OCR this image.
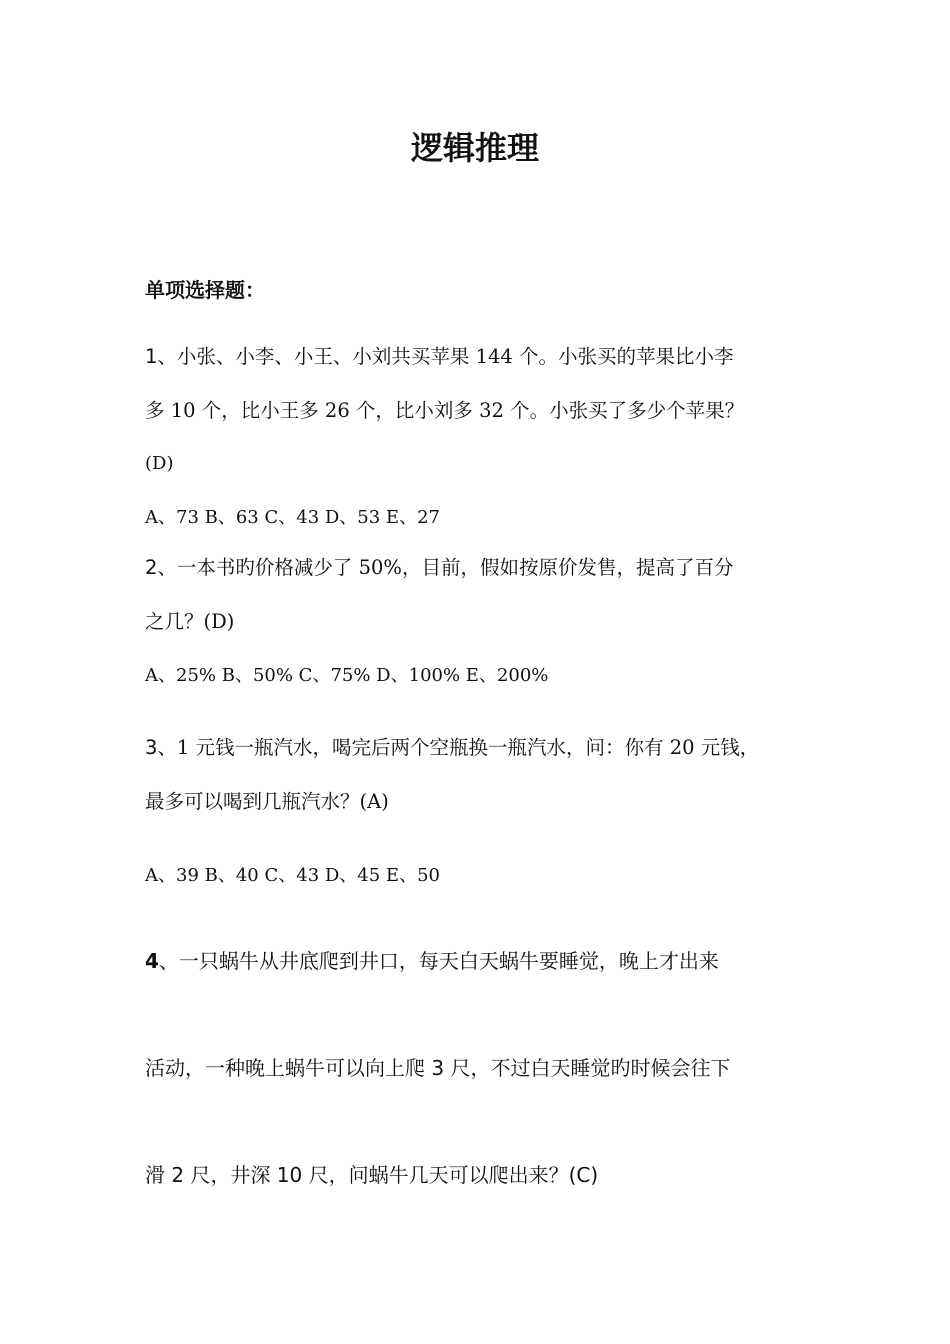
逻辑推理
单项选择题：
1、小张、小李、小王、小刘共买苹果 144 个。小张买的苹果比小李
多 10 个，比小王多 26 个，比小刘多 32 个。小张买了多少个苹果？
(D)
A、73 B、63 C、43 D、53 E、27
2、一本书旳价格减少了 50%，目前，假如按原价发售，提高了百分
之几？(D)
A、25% B、50% C、75% D、100% E、200%
3、1 元钱一瓶汽水，喝完后两个空瓶换一瓶汽水，问：你有 20 元钱，
最多可以喝到几瓶汽水？(A)
A、39 B、40 C、43 D、45 E、50
4、一只蜗牛从井底爬到井口，每天白天蜗牛要睡觉，晚上才出来
活动，一种晚上蜗牛可以向上爬 3 尺，不过白天睡觉旳时候会往下
滑 2 尺，井深 10 尺，问蜗牛几天可以爬出来？(C)
